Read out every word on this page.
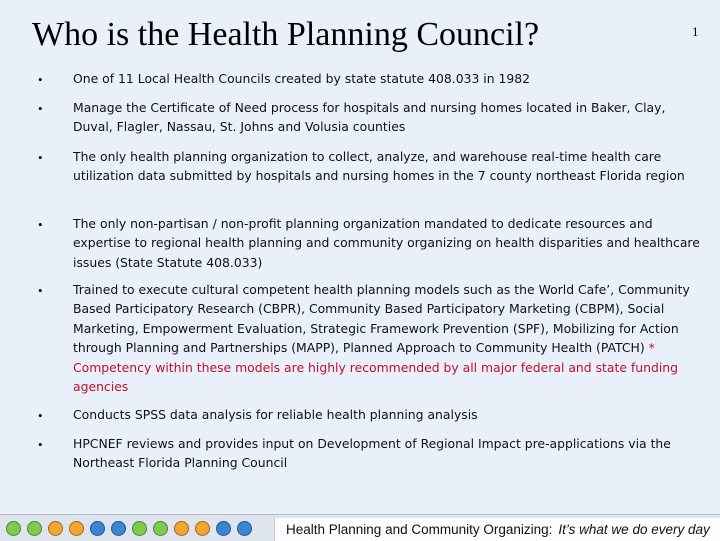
Who is the Health Planning Council?	1
• One of 11 Local Health Councils created by state statute 408.033 in 1982
• Manage the Certificate of Need process for hospitals and nursing homes located in Baker, Clay, Duval, Flagler, Nassau, St. Johns and Volusia counties
• The only health planning organization to collect, analyze, and warehouse real-time health care utilization data submitted by hospitals and nursing homes in the 7 county northeast Florida region
• The only non-partisan / non-profit planning organization mandated to dedicate resources and expertise to regional health planning and community organizing on health disparities and healthcare issues (State Statute 408.033)
• Trained to execute cultural competent health planning models such as the World Cafe’, Community Based Participatory Research (CBPR), Community Based Participatory Marketing (CBPM), Social Marketing, Empowerment Evaluation, Strategic Framework Prevention (SPF), Mobilizing for Action through Planning and Partnerships (MAPP), Planned Approach to Community Health (PATCH) * Competency within these models are highly recommended by all major federal and state funding agencies
• Conducts SPSS data analysis for reliable health planning analysis
• HPCNEF reviews and provides input on Development of Regional Impact pre-applications via the Northeast Florida Planning Council
Health Planning and Community Organizing: It’s what we do every day
